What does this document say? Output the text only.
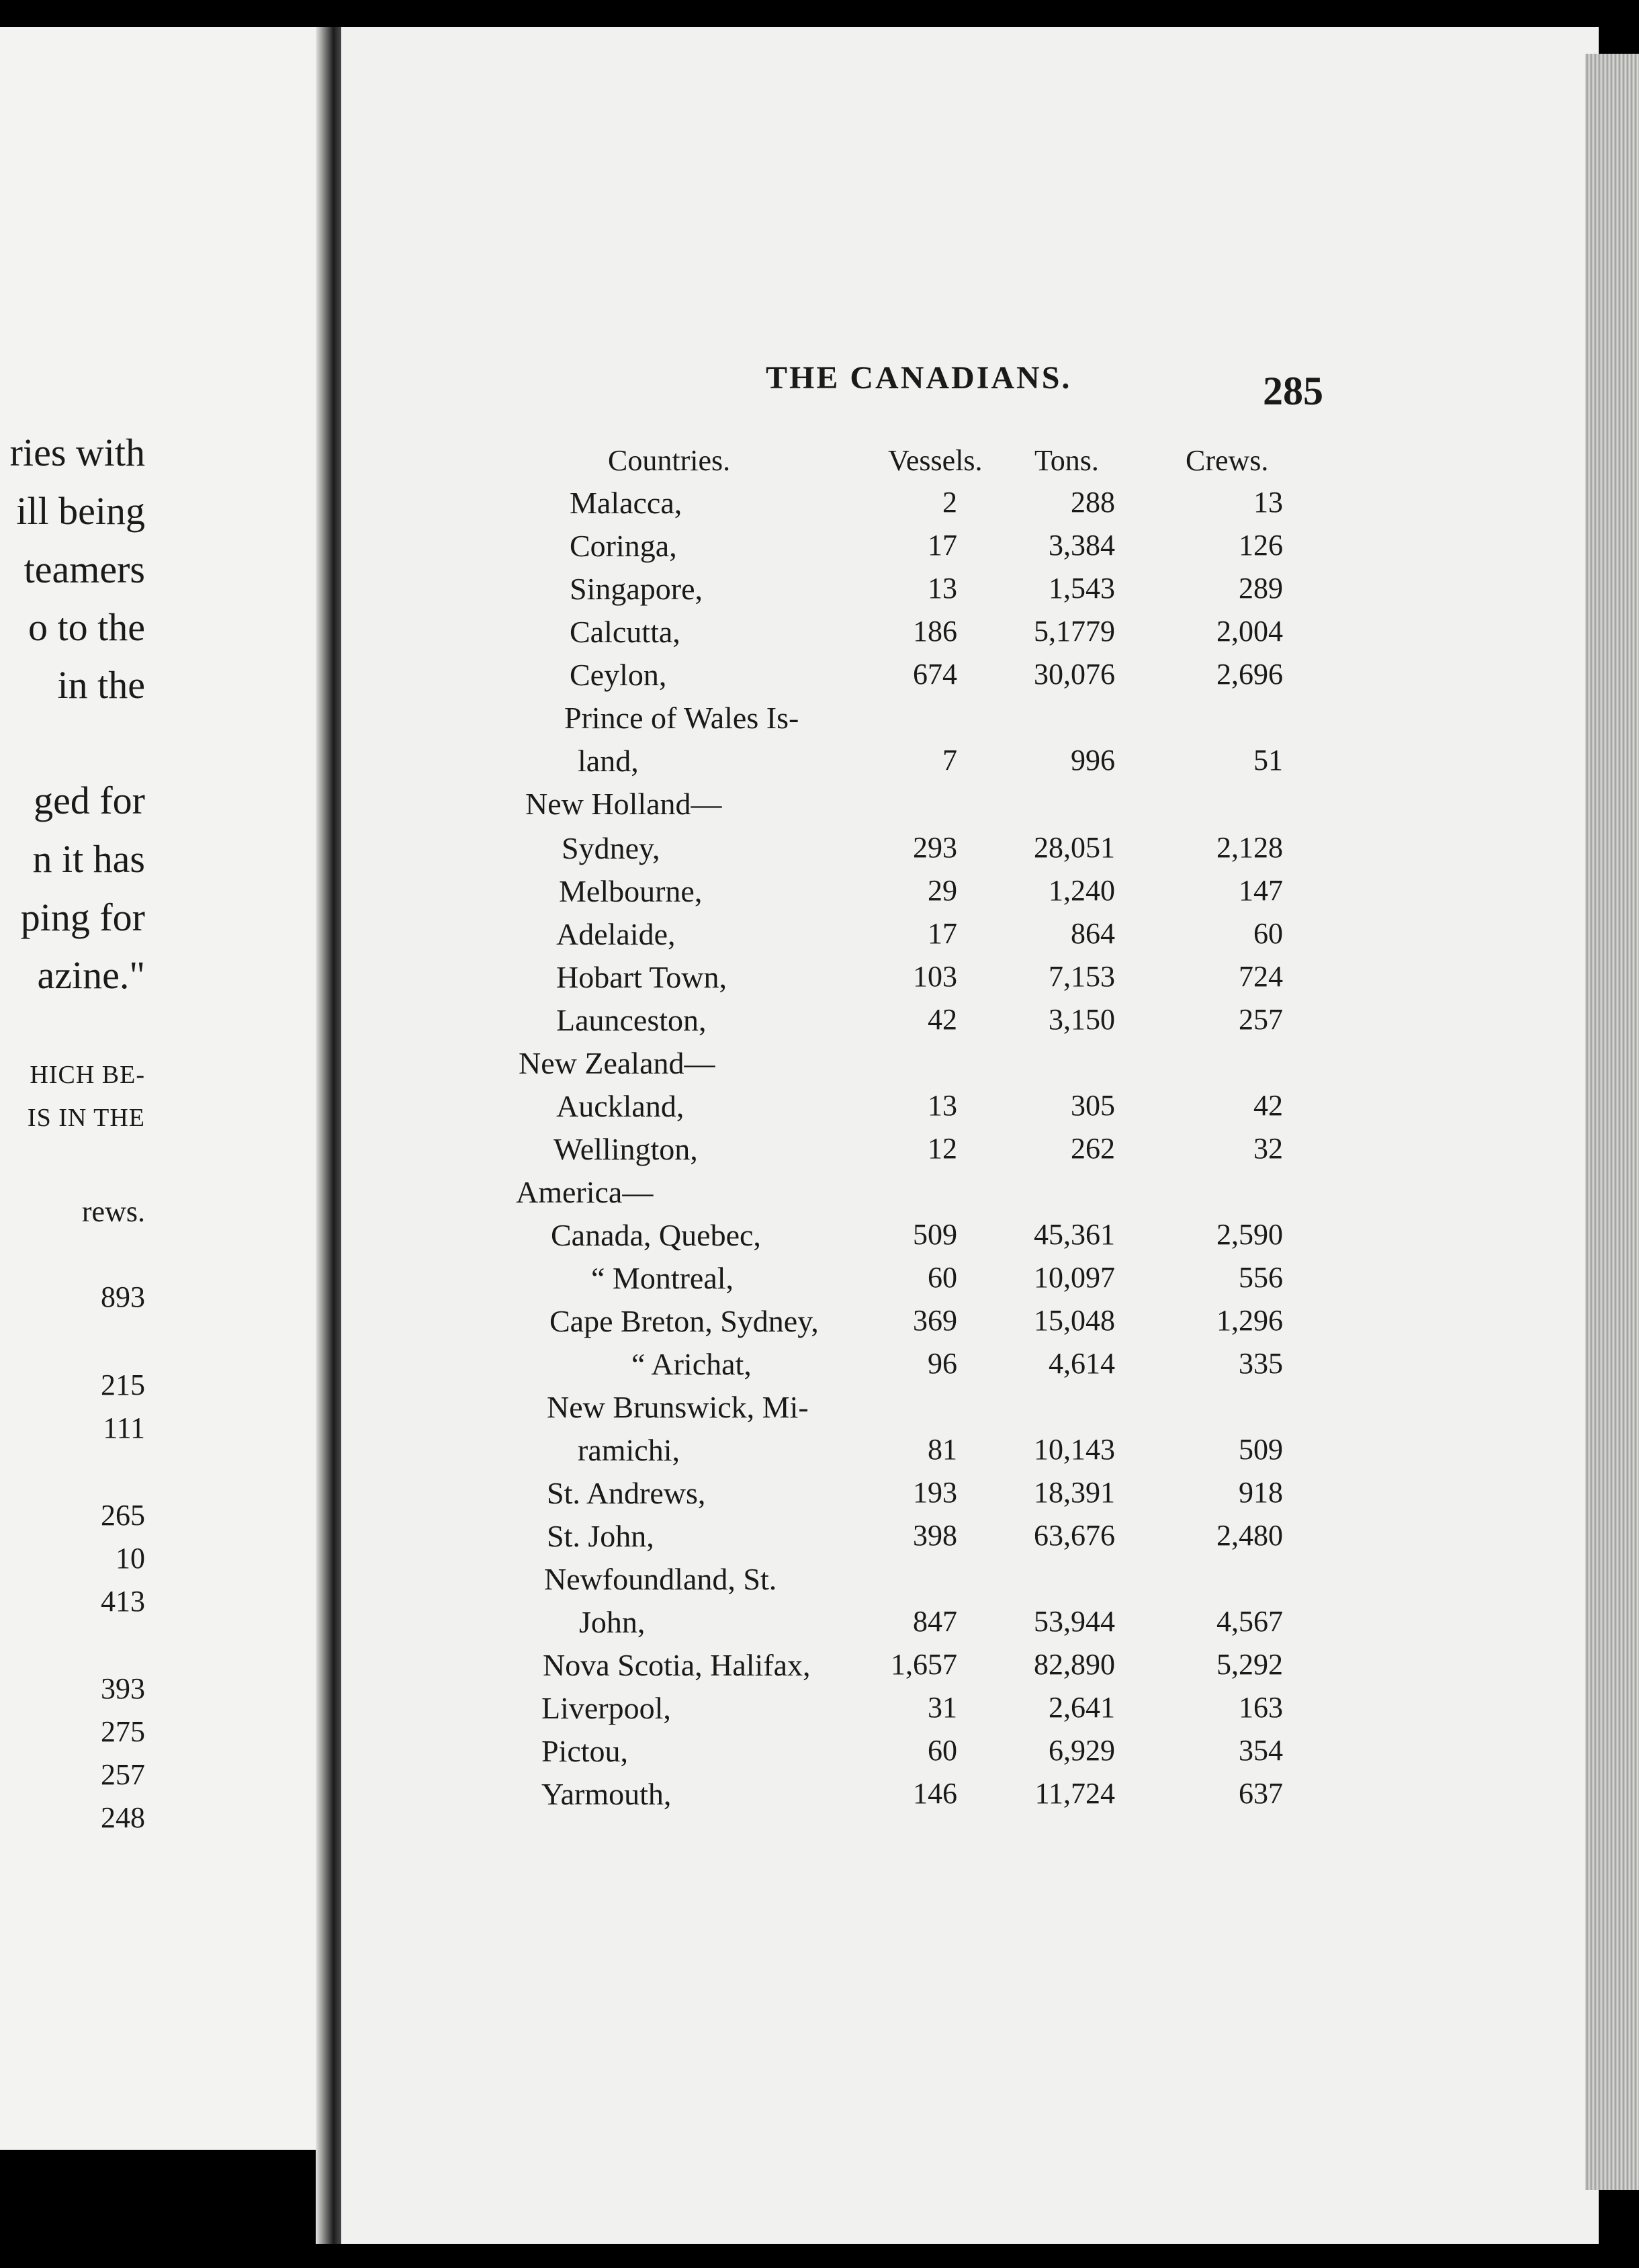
ries with
ill being
teamers
o to the
in the
ged for
n it has
ping for
azine."
HICH BE-
IS IN THE
rews.
893
215
111
265
10
413
393
275
257
248
THE CANADIANS.	285
Countries.	Vessels. Tons.	Crews.
Malacca,	2	288	13
Coringa,	17	3,384	126
Singapore,	13	1,543	289
Calcutta,	186	5,1779	2,004
Ceylon,	674	30,076	2,696
Prince of Wales Is-
land,	7	996	51
New Holland—
Sydney,	293	28,051	2,128
Melbourne,	29	1,240	147
Adelaide,	17	864	60
Hobart Town,	103	7,153	724
Launceston,	42	3,150	257
New Zealand—
Auckland,	13	305	42
Wellington,	12	262	32
America—
Canada, Quebec,	509	45,361	2,590
“ Montreal,	60	10,097	556
Cape Breton, Sydney,	369	15,048	1,296
“ Arichat,	96	4,614	335
New Brunswick, Mi-
ramichi,	81	10,143	509
St. Andrews,	193	18,391	918
St. John,	398	63,676	2,480
Newfoundland, St.
John,	847	53,944	4,567
Nova Scotia, Halifax,	1,657	82,890	5,292
Liverpool,	31	2,641	163
Pictou,	60	6,929	354
Yarmouth,	146	11,724	637
